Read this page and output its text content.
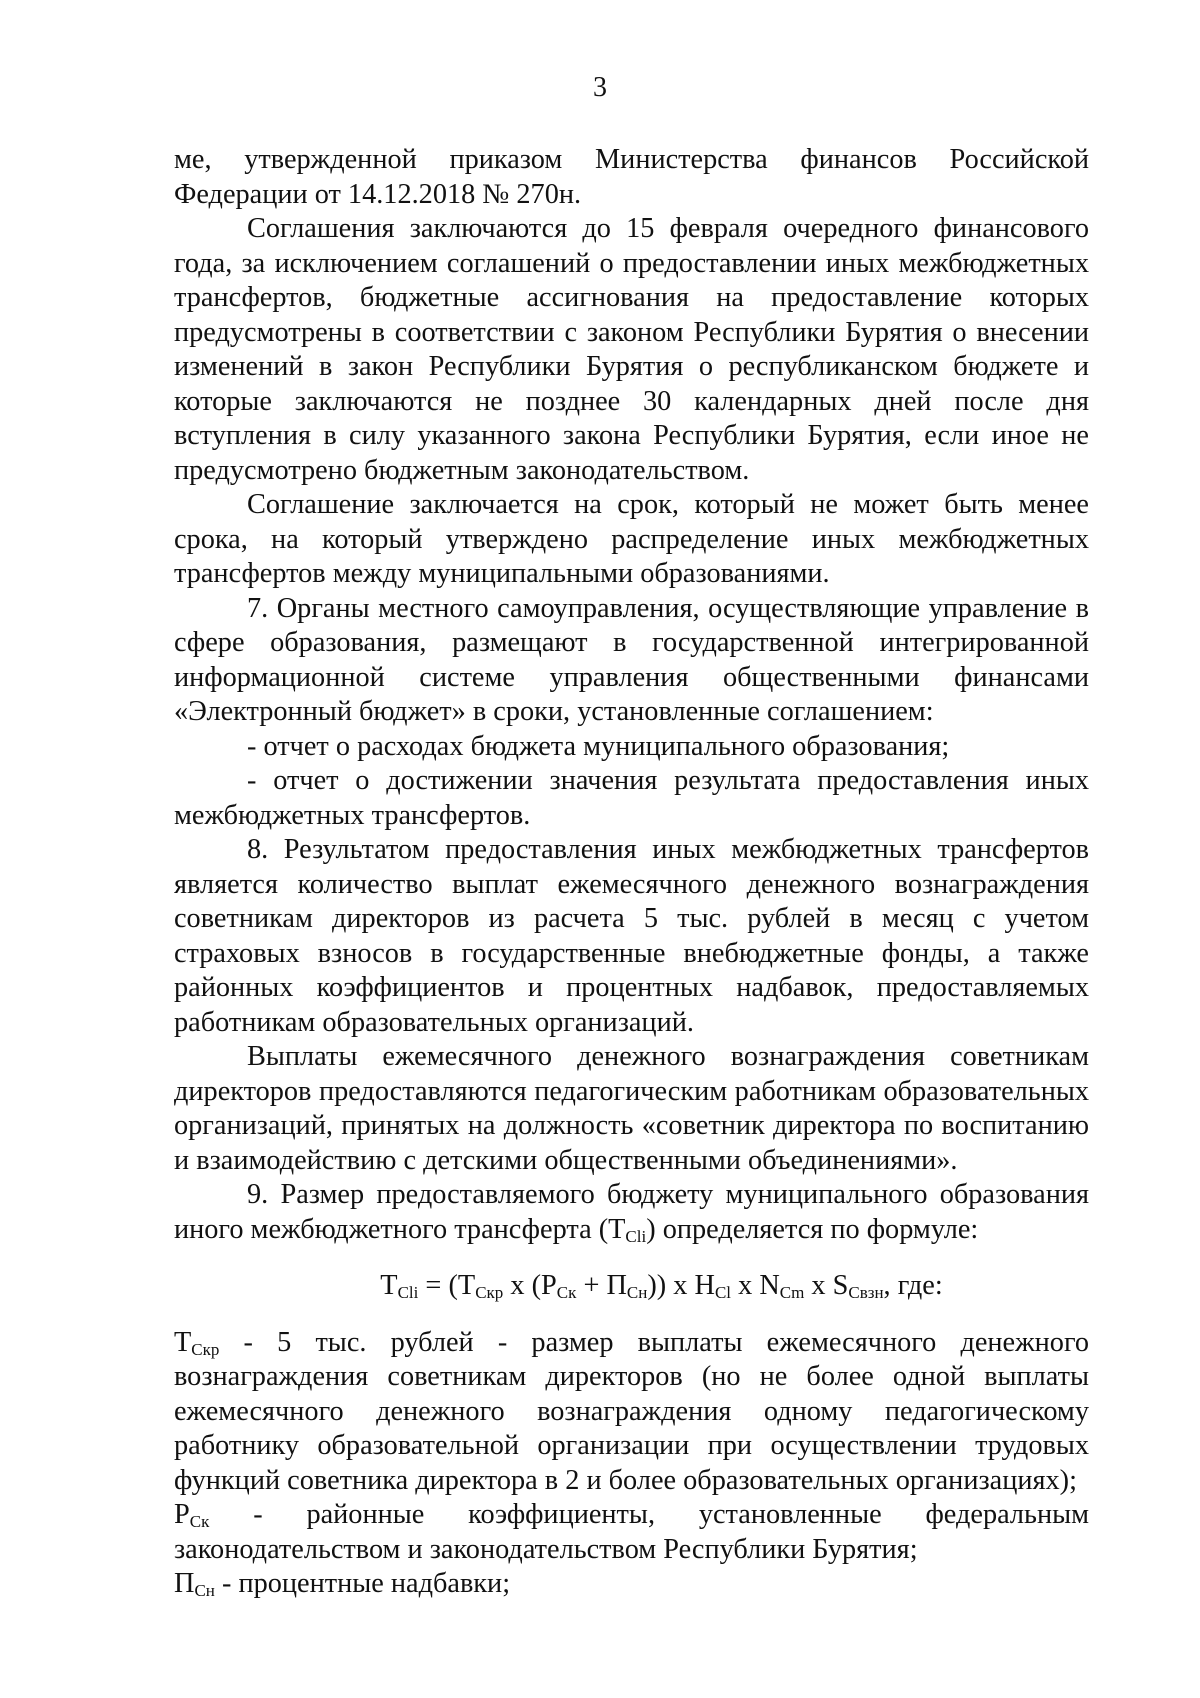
3

ме, утвержденной приказом Министерства финансов Российской Федерации от 14.12.2018 № 270н.

Соглашения заключаются до 15 февраля очередного финансового года, за исключением соглашений о предоставлении иных межбюджетных трансфертов, бюджетные ассигнования на предоставление которых предусмотрены в соответствии с законом Республики Бурятия о внесении изменений в закон Республики Бурятия о республиканском бюджете и которые заключаются не позднее 30 календарных дней после дня вступления в силу указанного закона Республики Бурятия, если иное не предусмотрено бюджетным законодательством.

Соглашение заключается на срок, который не может быть менее срока, на который утверждено распределение иных межбюджетных трансфертов между муниципальными образованиями.

7. Органы местного самоуправления, осуществляющие управление в сфере образования, размещают в государственной интегрированной информационной системе управления общественными финансами «Электронный бюджет» в сроки, установленные соглашением:

- отчет о расходах бюджета муниципального образования;

- отчет о достижении значения результата предоставления иных межбюджетных трансфертов.

8. Результатом предоставления иных межбюджетных трансфертов является количество выплат ежемесячного денежного вознаграждения советникам директоров из расчета 5 тыс. рублей в месяц с учетом страховых взносов в государственные внебюджетные фонды, а также районных коэффициентов и процентных надбавок, предоставляемых работникам образовательных организаций.

Выплаты ежемесячного денежного вознаграждения советникам директоров предоставляются педагогическим работникам образовательных организаций, принятых на должность «советник директора по воспитанию и взаимодействию с детскими общественными объединениями».

9. Размер предоставляемого бюджету муниципального образования иного межбюджетного трансферта $(Т_{Cli})$ определяется по формуле:

$Т_{Cli} = (Т_{Скр}$ х $(Р_{Ск} + П_{Сн})$) х $Н_{Cl}$ х $N_{Cm}$ х $S_{Свзн}$, где:

$Т_{Скр} - 5$ тыс. рублей - размер выплаты ежемесячного денежного вознаграждения советникам директоров (но не более одной выплаты ежемесячного денежного вознаграждения одному педагогическому работнику образовательной организации при осуществлении трудовых функций советника директора в 2 и более образовательных организациях);

$Р_{Ск}$ - районные коэффициенты, установленные федеральным законодательством и законодательством Республики Бурятия;

$П_{Сн}$ - процентные надбавки;
